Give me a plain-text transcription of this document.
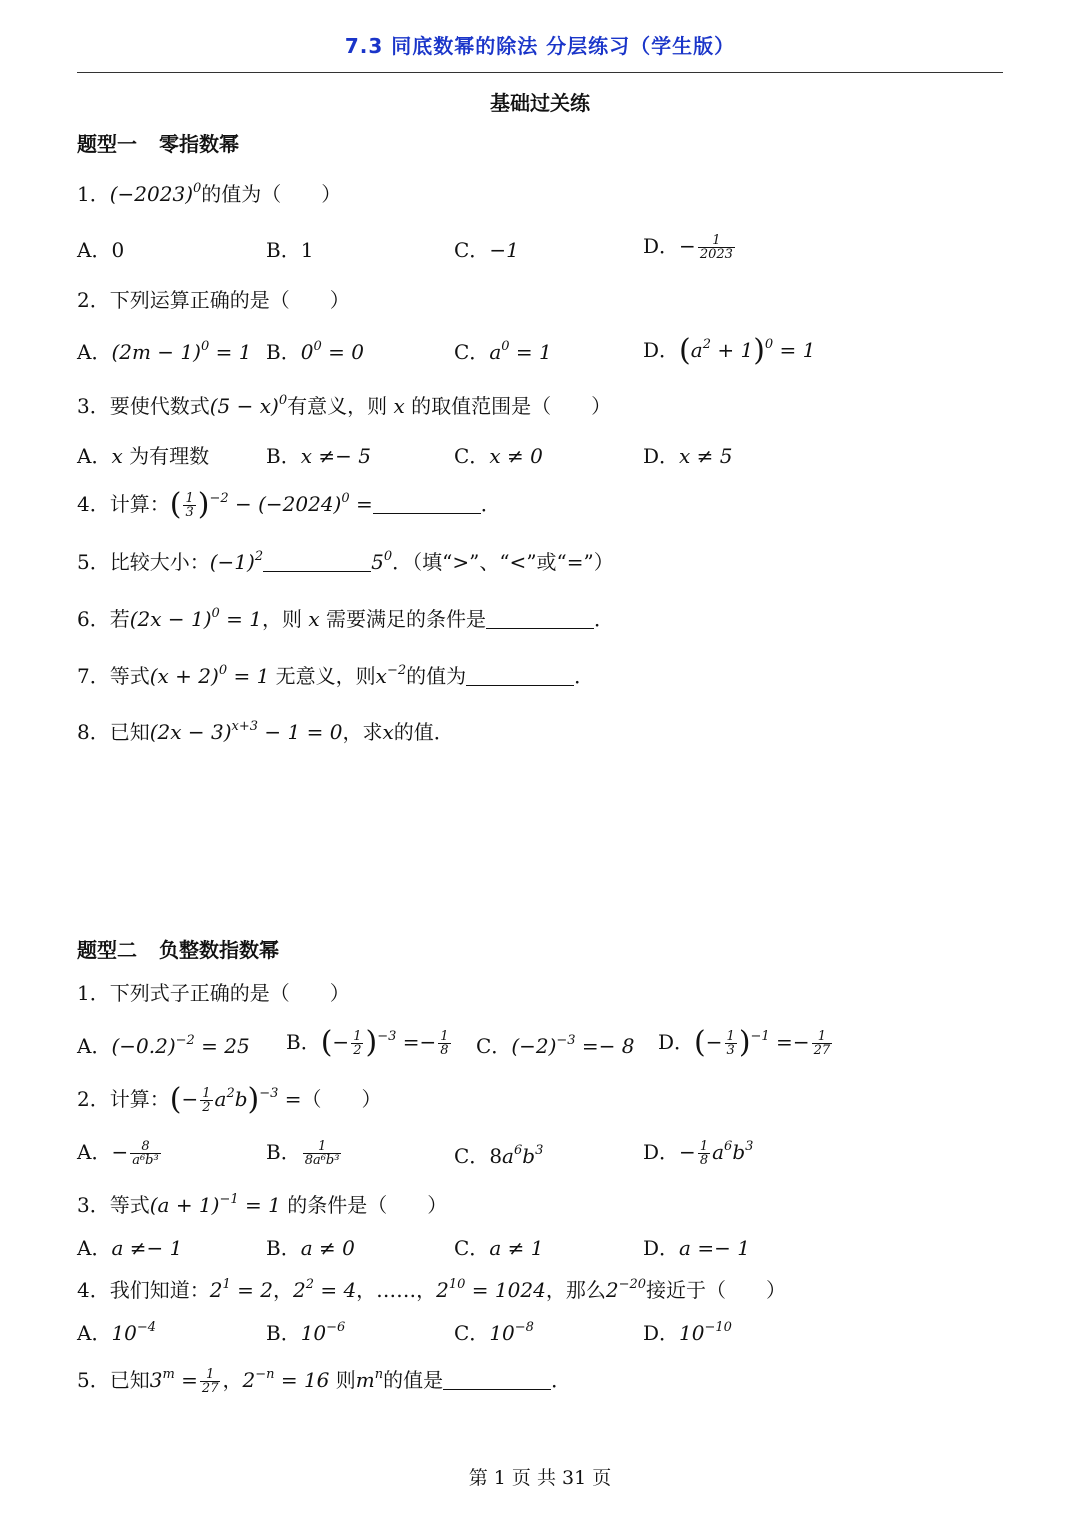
7.3 同底数幂的除法 分层练习（学生版）
基础过关练
题型一 零指数幂
1．$(-2023)^0$的值为（　　）
A．0	B．1	C．−1	D．− $\frac{1}{2023}$
2．下列运算正确的是（　　）
A．$(2m - 1)^0 = 1$ B．$0^0 = 0$	C．$a^0 = 1$	D．$(a^2 + 1)^0 = 1$
3．要使代数式$(5 - x)^0$有意义，则 x 的取值范围是（　　）
A．x 为有理数	B．x ≠− 5	C．x ≠ 0	D．x ≠ 5
4．计算：( $\frac{1}{3} )^{-2} - (-2024)^0$ =	．
5．比较大小：$(-1)^2$	$5^0$．（填“>”、“<”或“=”）
6．若$(2x - 1)^0 = 1$，则 x 需要满足的条件是	．
7．等式$(x + 2)^0 = 1$ 无意义，则$x^{-2}$的值为	．
8．已知$(2x - 3)^{x+3} - 1 = 0$，求x的值．
题型二 负整数指数幂
1．下列式子正确的是（　　）
A．$(-0.2)^{-2} = 25$ B．(− $\frac{1}{2} )^{-3} =- \frac{1}{8}$ C．$(-2)^{-3} =- 8$ D．(− $\frac{1}{3} )^{-1} =- \frac{1}{27}$
2．计算：(− $\frac{1}{2} a^2b)^{-3}$ =（　　）
A．− $\frac{8}{\text{a⁶b³}}$	B． $\frac{1}{\text{8a⁶b³}}$	C．$8a^6b^3$	D．− $\frac{1}{8} a^6b^3$
3．等式$(a + 1)^{-1} = 1$ 的条件是（　　）
A．a ≠− 1	B．a ≠ 0	C．a ≠ 1	D．a =− 1
4．我们知道：$2^1 = 2$，$2^2 = 4$，……，$2^{10} = 1024$，那么$2^{-20}$接近于（　　）
A．$10^{-4}$	B．$10^{-6}$	C．$10^{-8}$	D．$10^{-10}$
5．已知$3^m = \frac{1}{27}$ ，$2^{-n} = 16$ 则$m^n$的值是	．
第 1 页 共 31 页
